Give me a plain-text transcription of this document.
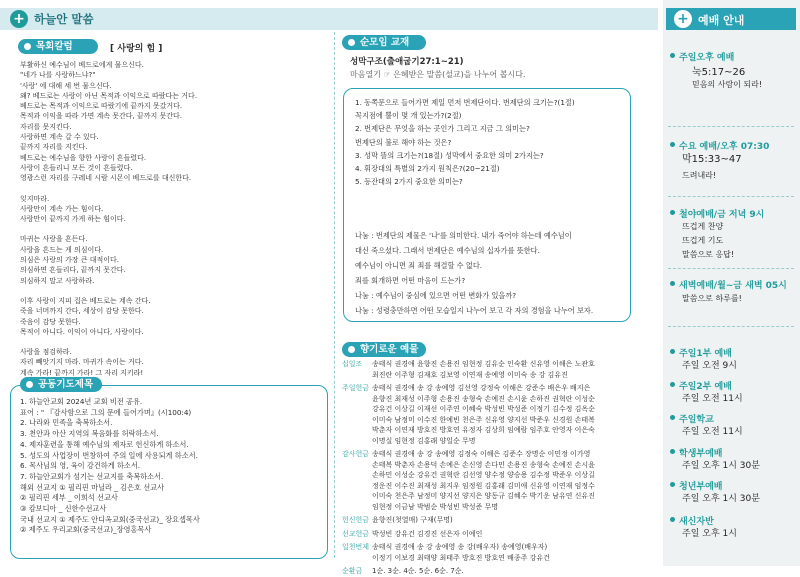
+ 하늘안 말씀
목회칼럼	[ 사랑의 힘 ]
부활하신 예수님이 베드로에게 물으신다.
"네가 나를 사랑하느냐?"
'사랑' 에 대해 세 번 물으신다.
왜? 베드로는 사랑이 아닌 목적과 이익으로 따랐다는 거다.
베드로는 목적과 이익으로 따랐기에 끝까지 못갔거다.
목적과 이익을 따라 가면 계속 못간다, 끝까지 못간다.
자리를 못지킨다.
사랑하면 계속 갈 수 있다.
끝까지 자리를 지킨다.
베드로는 예수님을 향한 사랑이 흔들렸다.
사랑이 흔들리니 모든 것이 흔들렸다.
영광스런 자리를 구레네 시람 시몬이 베드로를 대신한다.
잊지마라.
사랑만이 계속 가는 힘이다.
사랑만이 끝까지 가게 하는 힘이다.
마귀는 사랑을 흔든다.
사랑을 흔드는 게 의심이다.
의심은 사랑의 가장 큰 대적이다.
의심하면 흔들리다, 끝까지 못간다.
의심하지 말고 사랑하라.
이후 사랑이 지피 집은 베드로는 계속 간다.
죽을 너머까지 간다, 세상이 감당 못한다.
죽음이 감당 못한다.
목적이 아니다. 이익이 아니다, 사랑이다.
사랑을 점검하라.
자리 빼앗기지 마라. 마귀가 속이는 거다.
계속 가라! 끝까지 가라! 그 자리 지키라!
공동기도제목
1. 하늘안교회 2024년 교회 비전 공유.
표어 : " 『감사함으로 그의 문에 들어가며』(시100:4)
2. 나라와 민족을 축복하소서.
3. 천안과 아산 지역의 복음화를 허락하소서.
4. 제자훈련을 통해 예수님의 제자로 헌신하게 하소서.
5. 성도의 사업장이 번창하여 주의 일에 사용되게 하소서.
6. 목사님의 영, 육이 강건하게 하소서.
7. 하늘안교회가 섬기는 선교지를 축복하소서.
해외 선교지 ① 필리핀 마닐라 _ 김은호 선교사
② 필리핀 세부 _ 이희석 선교사
③ 캄보디아 _ 신한수선교사
국내 선교지 ① 제주도 안디옥교회(중국선교)_ 장요셉목사
② 제주도 우리교회(중국선교)_장영홍목사
순모임 교재
성막구조(출애굽기27:1~21)
마음열기 ☞ 은혜받은 말씀(설교)을 나누어 봅시다.
1. 동쪽문으로 들어가면 제일 먼저 번제단이다. 번제단의 크기는?(1절)
꼭지점에 뿔이 몇 개 있는가?(2절)
2. 번제단은 무엇을 하는 곳인가 그리고 지금 그 의미는?
번제단의 불로 해야 하는 것은?
3. 성막 뜰의 크기는?(18절) 성막에서 중요한 의미 2가지는?
4. 휘장대의 특별의 2가지 원칙은?(20~21절)
5. 등잔대의 2가지 중요한 의미는?
나눔 : 번제단의 제물은 '나'를 의미한다. 내가 죽어야 하는데 예수님이
대신 죽으셨다. 그래서 번제단은 예수님의 십자가를 뜻한다.
예수님이 아니면 죄 죄를 해결할 수 없다.
죄를 회개하면 어떤 마음이 드는가?
나눔 : 예수님이 중심에 있으면 어떤 변화가 있을까?
나눔 : 성령충만하면 어떤 모습일지 나누어 보고 각 자의 경험을 나누어 보자.
향기로운 예물
십일조	송태식 권경애 윤향진 손용진 임현정 김유순 인숙환 신유영 이해은 노관호
최진란 이주형 김재호 김보영 이연재 송예영 이미숙 송 강 김유진
주일헌금 송태식 권경애 송 강 송예영 김선영 강정숙 이해은 강준수 배은우 배지은
윤향진 최재성 이주형 손용진 송형숙 손예진 손시윤 손하진 권혁란 이성순
강유건 이상길 이재선 이주연 이혜숙 박성빈 박성준 이정기 김수정 김옥순
이미숙 남정미 이수진 한예빈 천은주 신유영 양지선 박준우 신경원 손태복
박춘자 이연재 방호진 방호연 유정자 김상희 임예람 임주호 안영자 이은숙
이명실 임현정 김홍래 양일순 무명
감사헌금 송태식 권경애 송 강 송예영 김정숙 이해은 김준수 장명순 이민정 이가영
손태복 박춘자 손용덕 손예은 손신영 손다민 손용진 송형숙 손예진 손시윤
손하민 이성순 강유건 권혁란 김선영 양수정 양승용 김수정 박준우 이상길
정운진 이수진 최재성 최지우 임정원 김홍래 김미애 신유영 이연재 임정수
이미숙 천은주 남정미 양지선 양지은 양동규 김혜수 박기운 남유연 신유진
임현정 이금남 박범순 박성빈 박성준 무명
헌신헌금 윤향진(첫열매) 구재(무명)
선교헌금 박성빈 강유건 김경진 선은자 이예인
일천번제 송태식 권경애 송 강 송예영 송 강(배우자) 송예영(배우자)
이정기 이보경 최태양 최태주 방호진 방호연 배종주 강유건
순환금	1순. 3순. 4순. 5순. 6순. 7순.
+ 예배 안내
주일오후 예배
눅5:17~26
믿음의 사람이 되라!
수요 예배/오후 07:30
막15:33~47
드려내라!
철야예배/금 저녁 9시
뜨겁게 찬양
뜨겁게 기도
말씀으로 응답!
새벽예배/월~금 새벽 05시
말씀으로 하루를!
주일1부 예배
주일 오전 9시
주일2부 예배
주일 오전 11시
주일학교
주일 오전 11시
학생부예배
주일 오후 1시 30분
청년부예배
주일 오후 1시 30분
새신자반
주일 오후 1시
